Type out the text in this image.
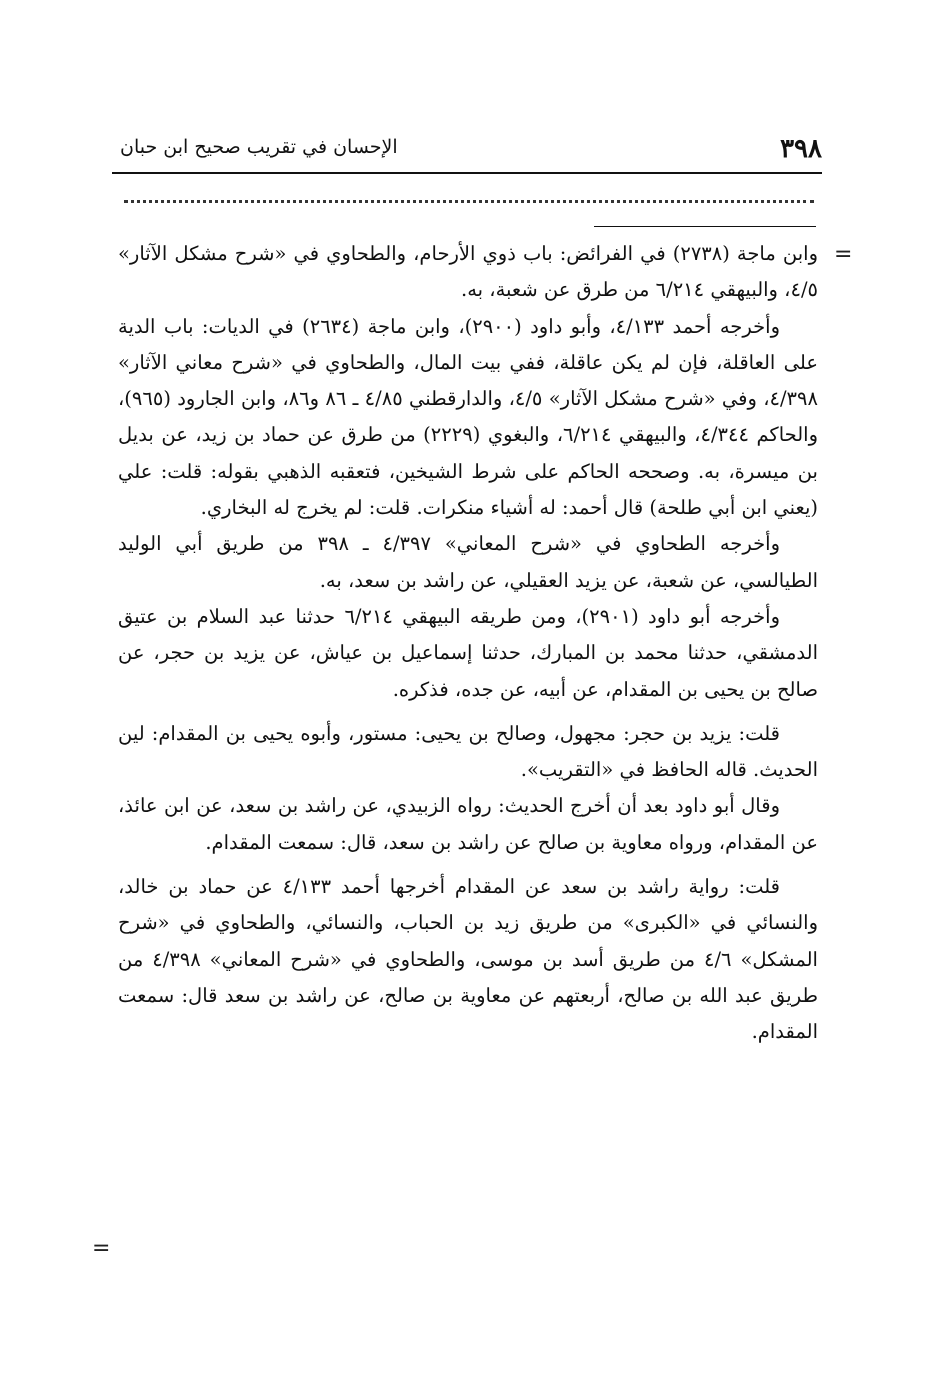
٣٩٨
الإحسان في تقريب صحيح ابن حبان
=
=

وابن ماجة (٢٧٣٨) في الفرائض: باب ذوي الأرحام، والطحاوي في «شرح مشكل الآثار» ٤/٥، والبيهقي ٦/٢١٤ من طرق عن شعبة، به.

وأخرجه أحمد ٤/١٣٣، وأبو داود (٢٩٠٠)، وابن ماجة (٢٦٣٤) في الديات: باب الدية على العاقلة، فإن لم يكن عاقلة، ففي بيت المال، والطحاوي في «شرح معاني الآثار» ٤/٣٩٨، وفي «شرح مشكل الآثار» ٤/٥، والدارقطني ٤/٨٥ ـ ٨٦ و٨٦، وابن الجارود (٩٦٥)، والحاكم ٤/٣٤٤، والبيهقي ٦/٢١٤، والبغوي (٢٢٢٩) من طرق عن حماد بن زيد، عن بديل بن ميسرة، به. وصححه الحاكم على شرط الشيخين، فتعقبه الذهبي بقوله: قلت: علي (يعني ابن أبي طلحة) قال أحمد: له أشياء منكرات. قلت: لم يخرج له البخاري.

وأخرجه الطحاوي في «شرح المعاني» ٤/٣٩٧ ـ ٣٩٨ من طريق أبي الوليد الطيالسي، عن شعبة، عن يزيد العقيلي، عن راشد بن سعد، به.

وأخرجه أبو داود (٢٩٠١)، ومن طريقه البيهقي ٦/٢١٤ حدثنا عبد السلام بن عتيق الدمشقي، حدثنا محمد بن المبارك، حدثنا إسماعيل بن عياش، عن يزيد بن حجر، عن صالح بن يحيى بن المقدام، عن أبيه، عن جده، فذكره.

قلت: يزيد بن حجر: مجهول، وصالح بن يحيى: مستور، وأبوه يحيى بن المقدام: لين الحديث. قاله الحافظ في «التقريب».

وقال أبو داود بعد أن أخرج الحديث: رواه الزبيدي، عن راشد بن سعد، عن ابن عائذ، عن المقدام، ورواه معاوية بن صالح عن راشد بن سعد، قال: سمعت المقدام.

قلت: رواية راشد بن سعد عن المقدام أخرجها أحمد ٤/١٣٣ عن حماد بن خالد، والنسائي في «الكبرى» من طريق زيد بن الحباب، والنسائي، والطحاوي في «شرح المشكل» ٤/٦ من طريق أسد بن موسى، والطحاوي في «شرح المعاني» ٤/٣٩٨ من طريق عبد الله بن صالح، أربعتهم عن معاوية بن صالح، عن راشد بن سعد قال: سمعت المقدام.
